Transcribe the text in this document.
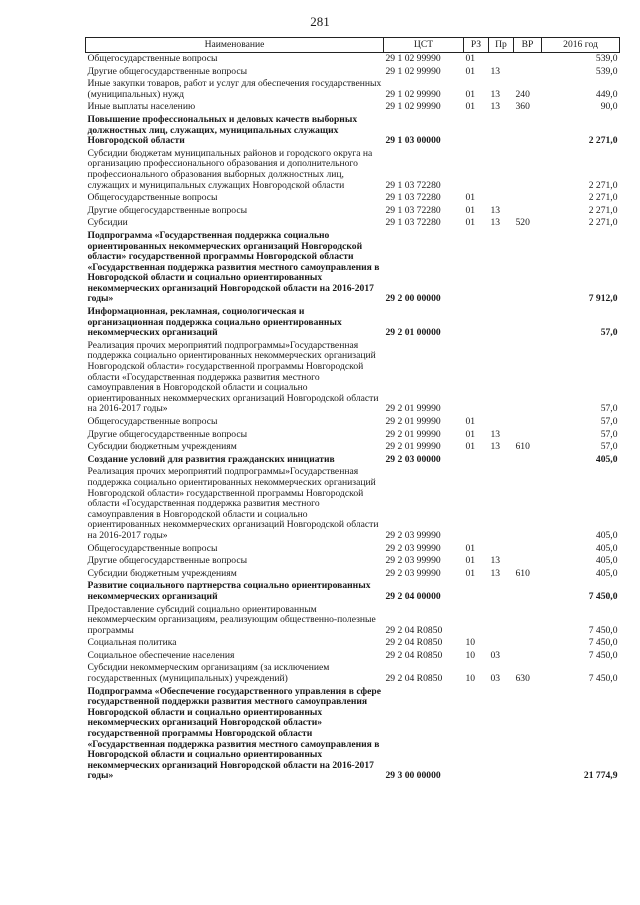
281
Наименование	ЦСТ	РЗ	Пр	ВР	2016 год
Общегосударственные вопросы	29 1 02 99990	01			539,0
Другие общегосударственные вопросы	29 1 02 99990	01	13		539,0
Иные закупки товаров, работ и услуг для обеспечения государственных (муниципальных) нужд	29 1 02 99990	01	13	240	449,0
Иные выплаты населению	29 1 02 99990	01	13	360	90,0
Повышение профессиональных и деловых качеств выборных должностных лиц, служащих, муниципальных служащих Новгородской области	29 1 03 00000				2 271,0
Субсидии бюджетам муниципальных районов и городского округа на организацию профессионального образования и дополнительного профессионального образования выборных должностных лиц, служащих и муниципальных служащих Новгородской области	29 1 03 72280				2 271,0
Общегосударственные вопросы	29 1 03 72280	01			2 271,0
Другие общегосударственные вопросы	29 1 03 72280	01	13		2 271,0
Субсидии	29 1 03 72280	01	13	520	2 271,0
Подпрограмма «Государственная поддержка социально ориентированных некоммерческих организаций Новгородской области» государственной программы Новгородской области «Государственная поддержка развития местного самоуправления в Новгородской области и социально ориентированных некоммерческих организаций Новгородской области на 2016-2017 годы»	29 2 00 00000				7 912,0
Информационная, рекламная, социологическая и организационная поддержка социально ориентированных некоммерческих организаций	29 2 01 00000				57,0
Реализация прочих мероприятий подпрограммы»Государственная поддержка социально ориентированных некоммерческих организаций Новгородской области» государственной программы Новгородской области «Государственная поддержка развития местного самоуправления в Новгородской области и социально ориентированных некоммерческих организаций Новгородской области на 2016-2017 годы»	29 2 01 99990				57,0
Общегосударственные вопросы	29 2 01 99990	01			57,0
Другие общегосударственные вопросы	29 2 01 99990	01	13		57,0
Субсидии бюджетным учреждениям	29 2 01 99990	01	13	610	57,0
Создание условий для развития гражданских инициатив	29 2 03 00000				405,0
Реализация прочих мероприятий подпрограммы»Государственная поддержка социально ориентированных некоммерческих организаций Новгородской области» государственной программы Новгородской области «Государственная поддержка развития местного самоуправления в Новгородской области и социально ориентированных некоммерческих организаций Новгородской области на 2016-2017 годы»	29 2 03 99990				405,0
Общегосударственные вопросы	29 2 03 99990	01			405,0
Другие общегосударственные вопросы	29 2 03 99990	01	13		405,0
Субсидии бюджетным учреждениям	29 2 03 99990	01	13	610	405,0
Развитие социального партнерства социально ориентированных некоммерческих организаций	29 2 04 00000				7 450,0
Предоставление субсидий социально ориентированным некоммерческим организациям, реализующим общественно-полезные программы	29 2 04 R0850				7 450,0
Социальная политика	29 2 04 R0850	10			7 450,0
Социальное обеспечение населения	29 2 04 R0850	10	03		7 450,0
Субсидии некоммерческим организациям (за исключением государственных (муниципальных) учреждений)	29 2 04 R0850	10	03	630	7 450,0
Подпрограмма «Обеспечение государственного управления в сфере государственной поддержки развития местного самоуправления Новгородской области и социально ориентированных некоммерческих организаций Новгородской области» государственной программы Новгородской области «Государственная поддержка развития местного самоуправления в Новгородской области и социально ориентированных некоммерческих организаций Новгородской области на 2016-2017 годы»	29 3 00 00000				21 774,9
